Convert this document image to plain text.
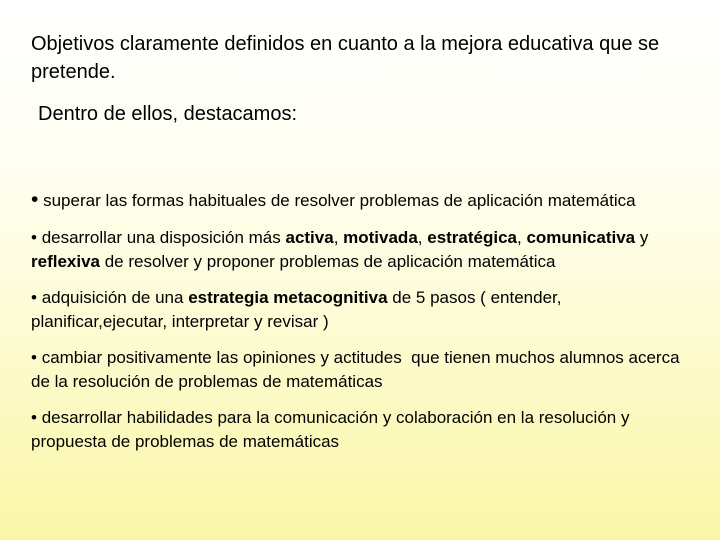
Objetivos claramente definidos en cuanto a la mejora educativa que se pretende.
Dentro de ellos, destacamos:
• superar las formas habituales de resolver problemas de aplicación matemática
• desarrollar una disposición más activa, motivada, estratégica, comunicativa y reflexiva de resolver y proponer problemas de aplicación matemática
• adquisición de una estrategia metacognitiva de 5 pasos ( entender, planificar,ejecutar, interpretar y revisar )
• cambiar positivamente las opiniones y actitudes  que tienen muchos alumnos acerca de la resolución de problemas de matemáticas
• desarrollar habilidades para la comunicación y colaboración en la resolución y propuesta de problemas de matemáticas
